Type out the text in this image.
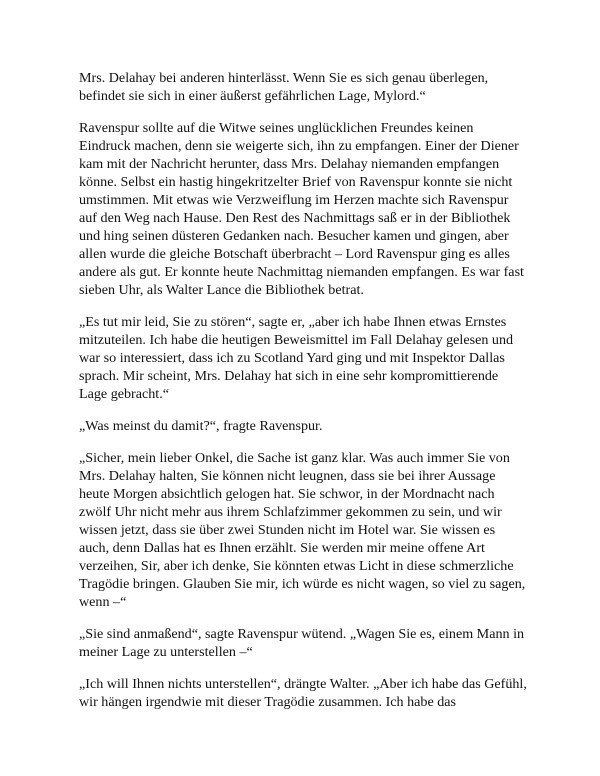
Mrs. Delahay bei anderen hinterlässt. Wenn Sie es sich genau überlegen, befindet sie sich in einer äußerst gefährlichen Lage, Mylord.“

Ravenspur sollte auf die Witwe seines unglücklichen Freundes keinen Eindruck machen, denn sie weigerte sich, ihn zu empfangen. Einer der Diener kam mit der Nachricht herunter, dass Mrs. Delahay niemanden empfangen könne. Selbst ein hastig hingekritzelter Brief von Ravenspur konnte sie nicht umstimmen. Mit etwas wie Verzweiflung im Herzen machte sich Ravenspur auf den Weg nach Hause. Den Rest des Nachmittags saß er in der Bibliothek und hing seinen düsteren Gedanken nach. Besucher kamen und gingen, aber allen wurde die gleiche Botschaft überbracht – Lord Ravenspur ging es alles andere als gut. Er konnte heute Nachmittag niemanden empfangen. Es war fast sieben Uhr, als Walter Lance die Bibliothek betrat.

„Es tut mir leid, Sie zu stören“, sagte er, „aber ich habe Ihnen etwas Ernstes mitzuteilen. Ich habe die heutigen Beweismittel im Fall Delahay gelesen und war so interessiert, dass ich zu Scotland Yard ging und mit Inspektor Dallas sprach. Mir scheint, Mrs. Delahay hat sich in eine sehr kompromittierende Lage gebracht.“

„Was meinst du damit?“, fragte Ravenspur.

„Sicher, mein lieber Onkel, die Sache ist ganz klar. Was auch immer Sie von Mrs. Delahay halten, Sie können nicht leugnen, dass sie bei ihrer Aussage heute Morgen absichtlich gelogen hat. Sie schwor, in der Mordnacht nach zwölf Uhr nicht mehr aus ihrem Schlafzimmer gekommen zu sein, und wir wissen jetzt, dass sie über zwei Stunden nicht im Hotel war. Sie wissen es auch, denn Dallas hat es Ihnen erzählt. Sie werden mir meine offene Art verzeihen, Sir, aber ich denke, Sie könnten etwas Licht in diese schmerzliche Tragödie bringen. Glauben Sie mir, ich würde es nicht wagen, so viel zu sagen, wenn –“

„Sie sind anmaßend“, sagte Ravenspur wütend. „Wagen Sie es, einem Mann in meiner Lage zu unterstellen –“

„Ich will Ihnen nichts unterstellen“, drängte Walter. „Aber ich habe das Gefühl, wir hängen irgendwie mit dieser Tragödie zusammen. Ich habe das
